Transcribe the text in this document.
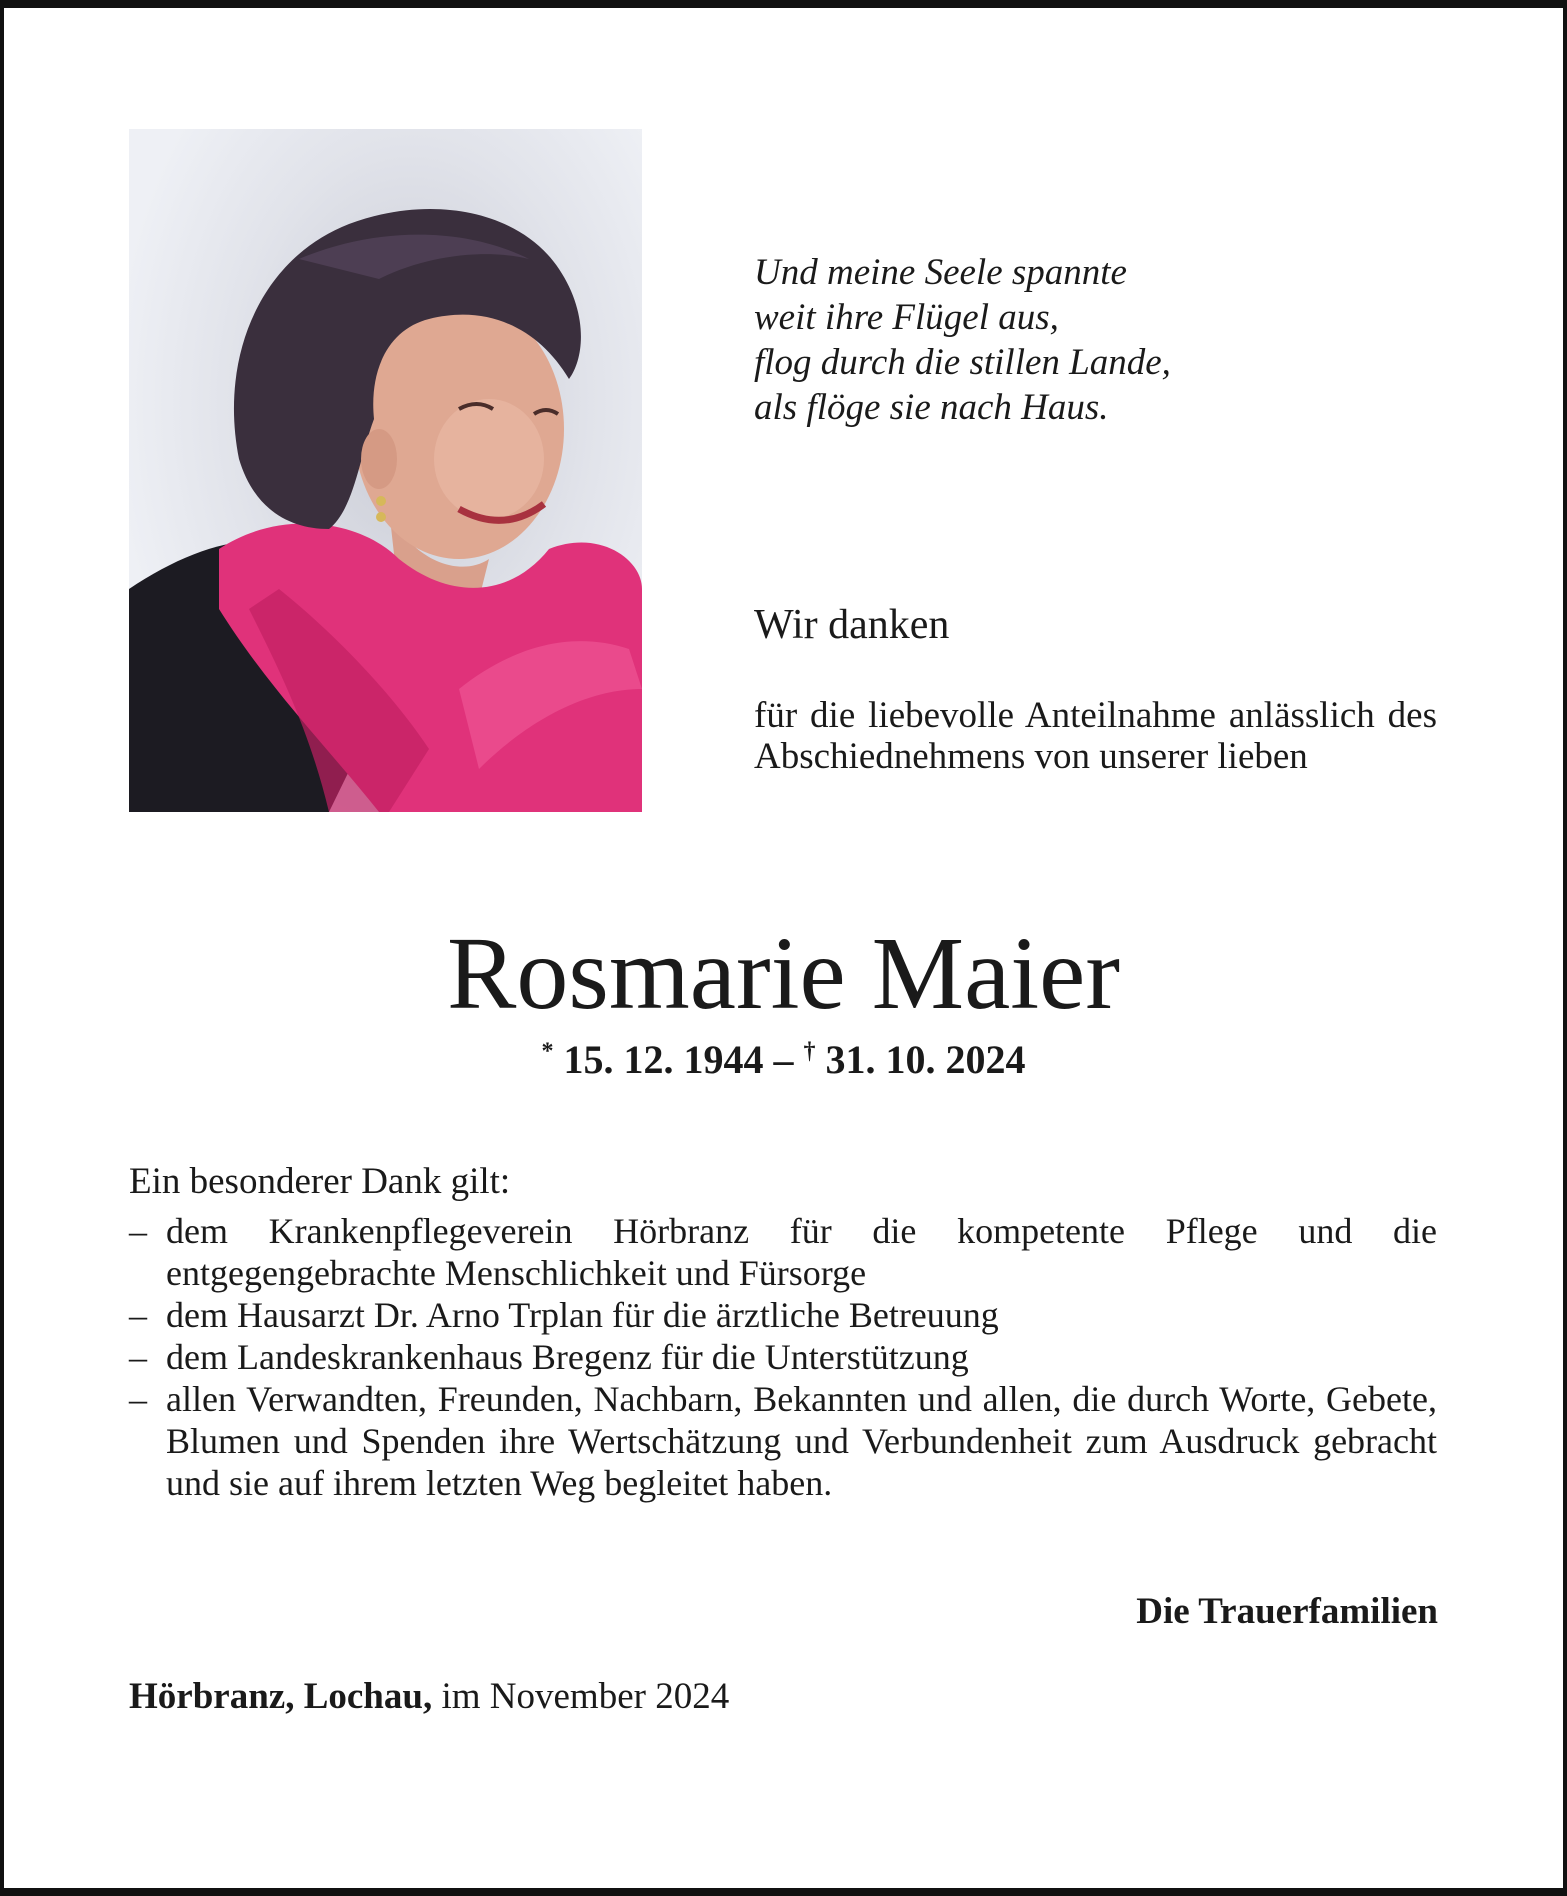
Und meine Seele spannte
weit ihre Flügel aus,
flog durch die stillen Lande,
als flöge sie nach Haus.
Wir danken
für die liebevolle Anteilnahme anlässlich des Abschiednehmens von unserer lieben
Rosmarie Maier
* 15. 12. 1944 – † 31. 10. 2024
Ein besonderer Dank gilt:
– dem Krankenpflegeverein Hörbranz für die kompetente Pflege und die entgegengebrachte Menschlichkeit und Fürsorge
– dem Hausarzt Dr. Arno Trplan für die ärztliche Betreuung
– dem Landeskrankenhaus Bregenz für die Unterstützung
– allen Verwandten, Freunden, Nachbarn, Bekannten und allen, die durch Worte, Gebete, Blumen und Spenden ihre Wertschätzung und Verbundenheit zum Ausdruck gebracht und sie auf ihrem letzten Weg begleitet haben.
Die Trauerfamilien
Hörbranz, Lochau, im November 2024
